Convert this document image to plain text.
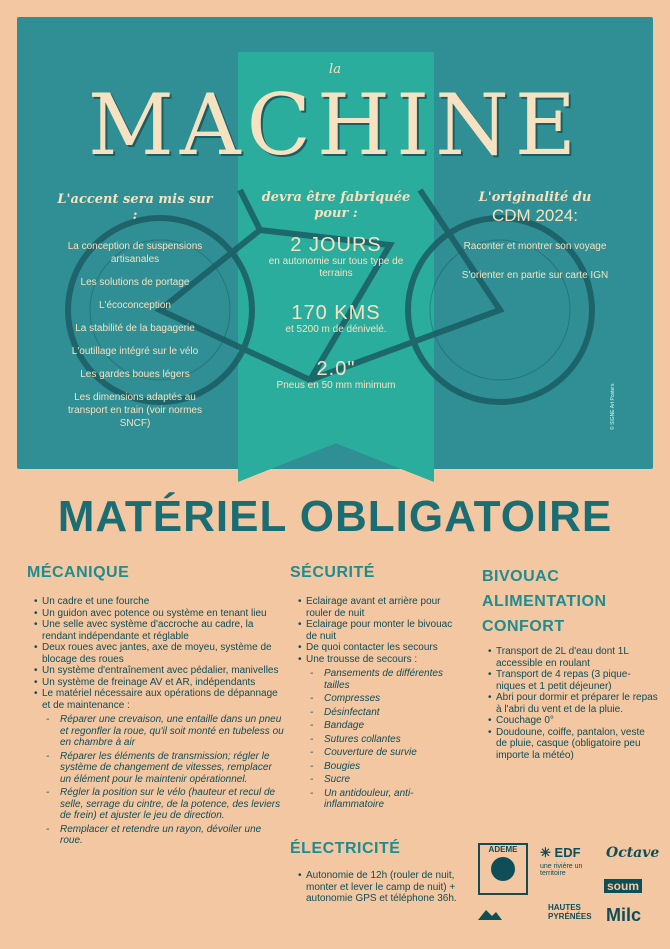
la
MACHINE
L'accent sera mis sur :
La conception de suspensions artisanales
Les solutions de portage
L'écoconception
La stabilité de la bagagerie
L'outillage intégré sur le vélo
Les gardes boues légers
Les dimensions adaptés au transport en train (voir normes SNCF)
devra être fabriquée pour :
2 JOURS
en autonomie sur tous type de terrains
170 KMS
et 5200 m de dénivelé.
2.0"
Pneus en 50 mm minimum
L'originalité du
CDM 2024:
Raconter et montrer son voyage
S'orienter en partie sur carte IGN
© SIGNE Art Posters
MATÉRIEL OBLIGATOIRE
MÉCANIQUE
• Un cadre et une fourche
• Un guidon avec potence ou système en tenant lieu
• Une selle avec système d'accroche au cadre, la rendant indépendante et réglable
• Deux roues avec jantes, axe de moyeu, système de blocage des roues
• Un système d'entraînement avec pédalier, manivelles
• Un système de freinage AV et AR, indépendants
• Le matériel nécessaire aux opérations de dépannage et de maintenance :
- Réparer une crevaison, une entaille dans un pneu et regonfler la roue, qu'il soit monté en tubeless ou en chambre à air
- Réparer les éléments de transmission; régler le système de changement de vitesses, remplacer un élément pour le maintenir opérationnel.
- Régler la position sur le vélo (hauteur et recul de selle, serrage du cintre, de la potence, des leviers de frein) et ajuster le jeu de direction.
- Remplacer et retendre un rayon, dévoiler une roue.
SÉCURITÉ
• Eclairage avant et arrière pour rouler de nuit
• Eclairage pour monter le bivouac de nuit
• De quoi contacter les secours
• Une trousse de secours :
- Pansements de différentes tailles
- Compresses
- Désinfectant
- Bandage
- Sutures collantes
- Couverture de survie
- Bougies
- Sucre
- Un antidouleur, anti-inflammatoire
ÉLECTRICITÉ
• Autonomie de 12h (rouler de nuit, monter et lever le camp de nuit) + autonomie GPS et téléphone 36h.
BIVOUAC
ALIMENTATION
CONFORT
• Transport de 2L d'eau dont 1L accessible en roulant
• Transport de 4 repas (3 pique-niques et 1 petit déjeuner)
• Abri pour dormir et préparer le repas à l'abri du vent et de la pluie.
• Couchage 0°
• Doudoune, coiffe, pantalon, veste de pluie, casque (obligatoire peu importe la météo)
ADEME	✳ EDF
une rivière un territoire
Octave
soum
HAUTES PYRÉNÉES Milc
